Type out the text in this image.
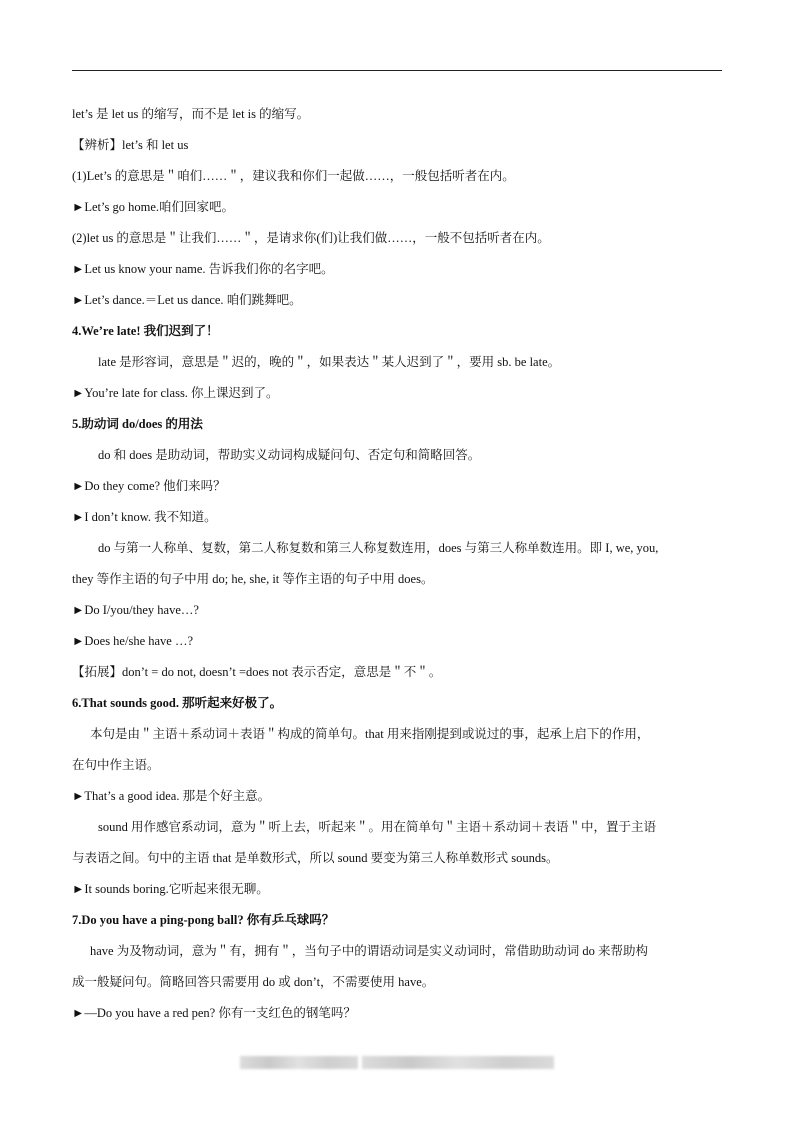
let’s 是 let us 的缩写，而不是 let is 的缩写。
【辨析】let’s 和 let us
(1)Let’s 的意思是＂咱们……＂，建议我和你们一起做……，一般包括听者在内。
►Let’s go home.咱们回家吧。
(2)let us 的意思是＂让我们……＂，是请求你(们)让我们做……，一般不包括听者在内。
►Let us know your name. 告诉我们你的名字吧。
►Let’s dance.＝Let us dance. 咱们跳舞吧。
4.We’re late! 我们迟到了！
late 是形容词，意思是＂迟的，晚的＂，如果表达＂某人迟到了＂，要用 sb. be late。
►You’re late for class. 你上课迟到了。
5.助动词 do/does 的用法
do 和 does 是助动词，帮助实义动词构成疑问句、否定句和简略回答。
►Do they come? 他们来吗？
►I don’t know. 我不知道。
do 与第一人称单、复数，第二人称复数和第三人称复数连用，does 与第三人称单数连用。即 I, we, you,
they 等作主语的句子中用 do; he, she, it 等作主语的句子中用 does。
►Do I/you/they have…?
►Does he/she have …?
【拓展】don’t = do not, doesn’t =does not 表示否定，意思是＂不＂。
6.That sounds good. 那听起来好极了。
本句是由＂主语＋系动词＋表语＂构成的简单句。that 用来指刚提到或说过的事，起承上启下的作用，
在句中作主语。
►That’s a good idea. 那是个好主意。
sound 用作感官系动词，意为＂听上去，听起来＂。用在简单句＂主语＋系动词＋表语＂中，置于主语
与表语之间。句中的主语 that 是单数形式，所以 sound 要变为第三人称单数形式 sounds。
►It sounds boring.它听起来很无聊。
7.Do you have a ping-pong ball? 你有乒乓球吗？
have 为及物动词，意为＂有，拥有＂，当句子中的谓语动词是实义动词时，常借助助动词 do 来帮助构
成一般疑问句。简略回答只需要用 do 或 don’t，不需要使用 have。
►—Do you have a red pen? 你有一支红色的钢笔吗？
